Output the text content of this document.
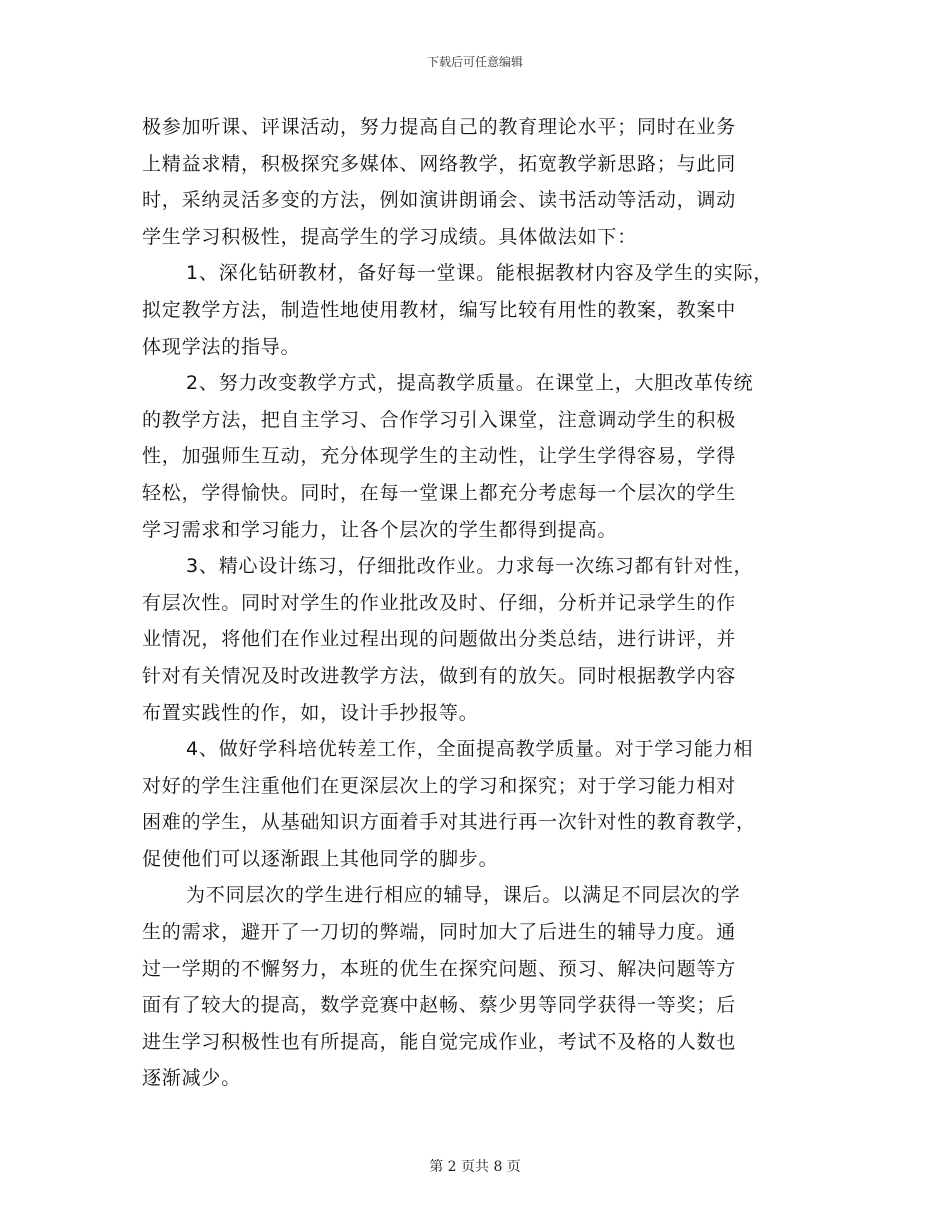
下载后可任意编辑
极参加听课、评课活动，努力提高自己的教育理论水平；同时在业务
上精益求精，积极探究多媒体、网络教学，拓宽教学新思路；与此同
时，采纳灵活多变的方法，例如演讲朗诵会、读书活动等活动，调动
学生学习积极性，提高学生的学习成绩。具体做法如下：
1、深化钻研教材，备好每一堂课。能根据教材内容及学生的实际，
拟定教学方法，制造性地使用教材，编写比较有用性的教案，教案中
体现学法的指导。
2、努力改变教学方式，提高教学质量。在课堂上，大胆改革传统
的教学方法，把自主学习、合作学习引入课堂，注意调动学生的积极
性，加强师生互动，充分体现学生的主动性，让学生学得容易，学得
轻松，学得愉快。同时，在每一堂课上都充分考虑每一个层次的学生
学习需求和学习能力，让各个层次的学生都得到提高。
3、精心设计练习，仔细批改作业。力求每一次练习都有针对性，
有层次性。同时对学生的作业批改及时、仔细，分析并记录学生的作
业情况，将他们在作业过程出现的问题做出分类总结，进行讲评，并
针对有关情况及时改进教学方法，做到有的放矢。同时根据教学内容
布置实践性的作，如，设计手抄报等。
4、做好学科培优转差工作，全面提高教学质量。对于学习能力相
对好的学生注重他们在更深层次上的学习和探究；对于学习能力相对
困难的学生，从基础知识方面着手对其进行再一次针对性的教育教学，
促使他们可以逐渐跟上其他同学的脚步。
为不同层次的学生进行相应的辅导，课后。以满足不同层次的学
生的需求，避开了一刀切的弊端，同时加大了后进生的辅导力度。通
过一学期的不懈努力，本班的优生在探究问题、预习、解决问题等方
面有了较大的提高，数学竞赛中赵畅、蔡少男等同学获得一等奖；后
进生学习积极性也有所提高，能自觉完成作业，考试不及格的人数也
逐渐减少。
第 2 页共 8 页
